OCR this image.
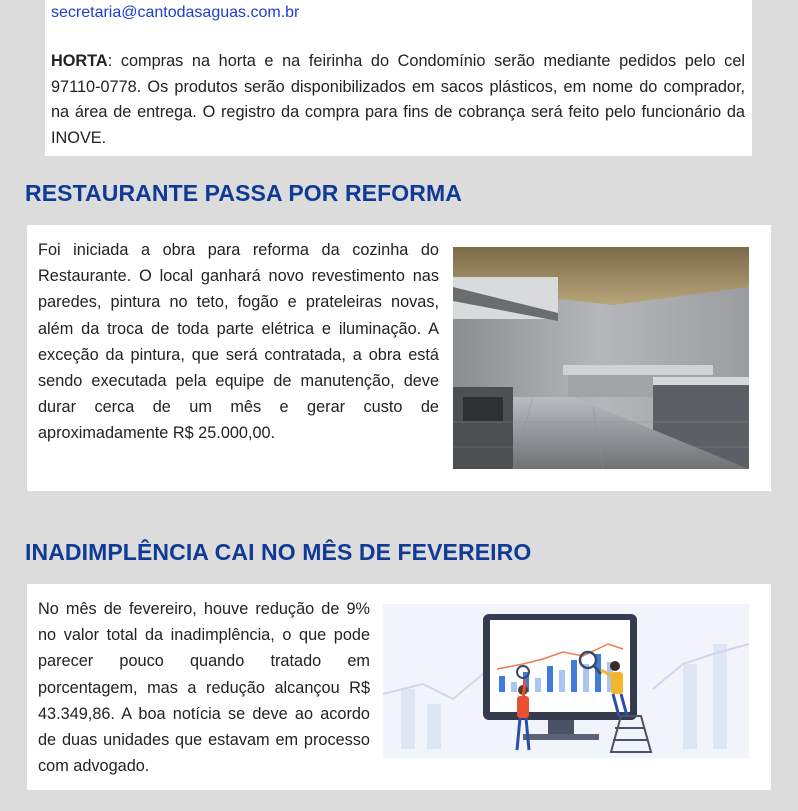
secretaria@cantodasaguas.com.br

HORTA: compras na horta e na feirinha do Condomínio serão mediante pedidos pelo cel 97110-0778. Os produtos serão disponibilizados em sacos plásticos, em nome do comprador, na área de entrega. O registro da compra para fins de cobrança será feito pelo funcionário da INOVE.

RESTAURANTE PASSA POR REFORMA

Foi iniciada a obra para reforma da cozinha do Restaurante. O local ganhará novo revestimento nas paredes, pintura no teto, fogão e prateleiras novas, além da troca de toda parte elétrica e iluminação. A exceção da pintura, que será contratada, a obra está sendo executada pela equipe de manutenção, deve durar cerca de um mês e gerar custo de aproximadamente R$ 25.000,00.

INADIMPLÊNCIA CAI NO MÊS DE FEVEREIRO

No mês de fevereiro, houve redução de 9% no valor total da inadimplência, o que pode parecer pouco quando tratado em porcentagem, mas a redução alcançou R$ 43.349,86. A boa notícia se deve ao acordo de duas unidades que estavam em processo com advogado.
